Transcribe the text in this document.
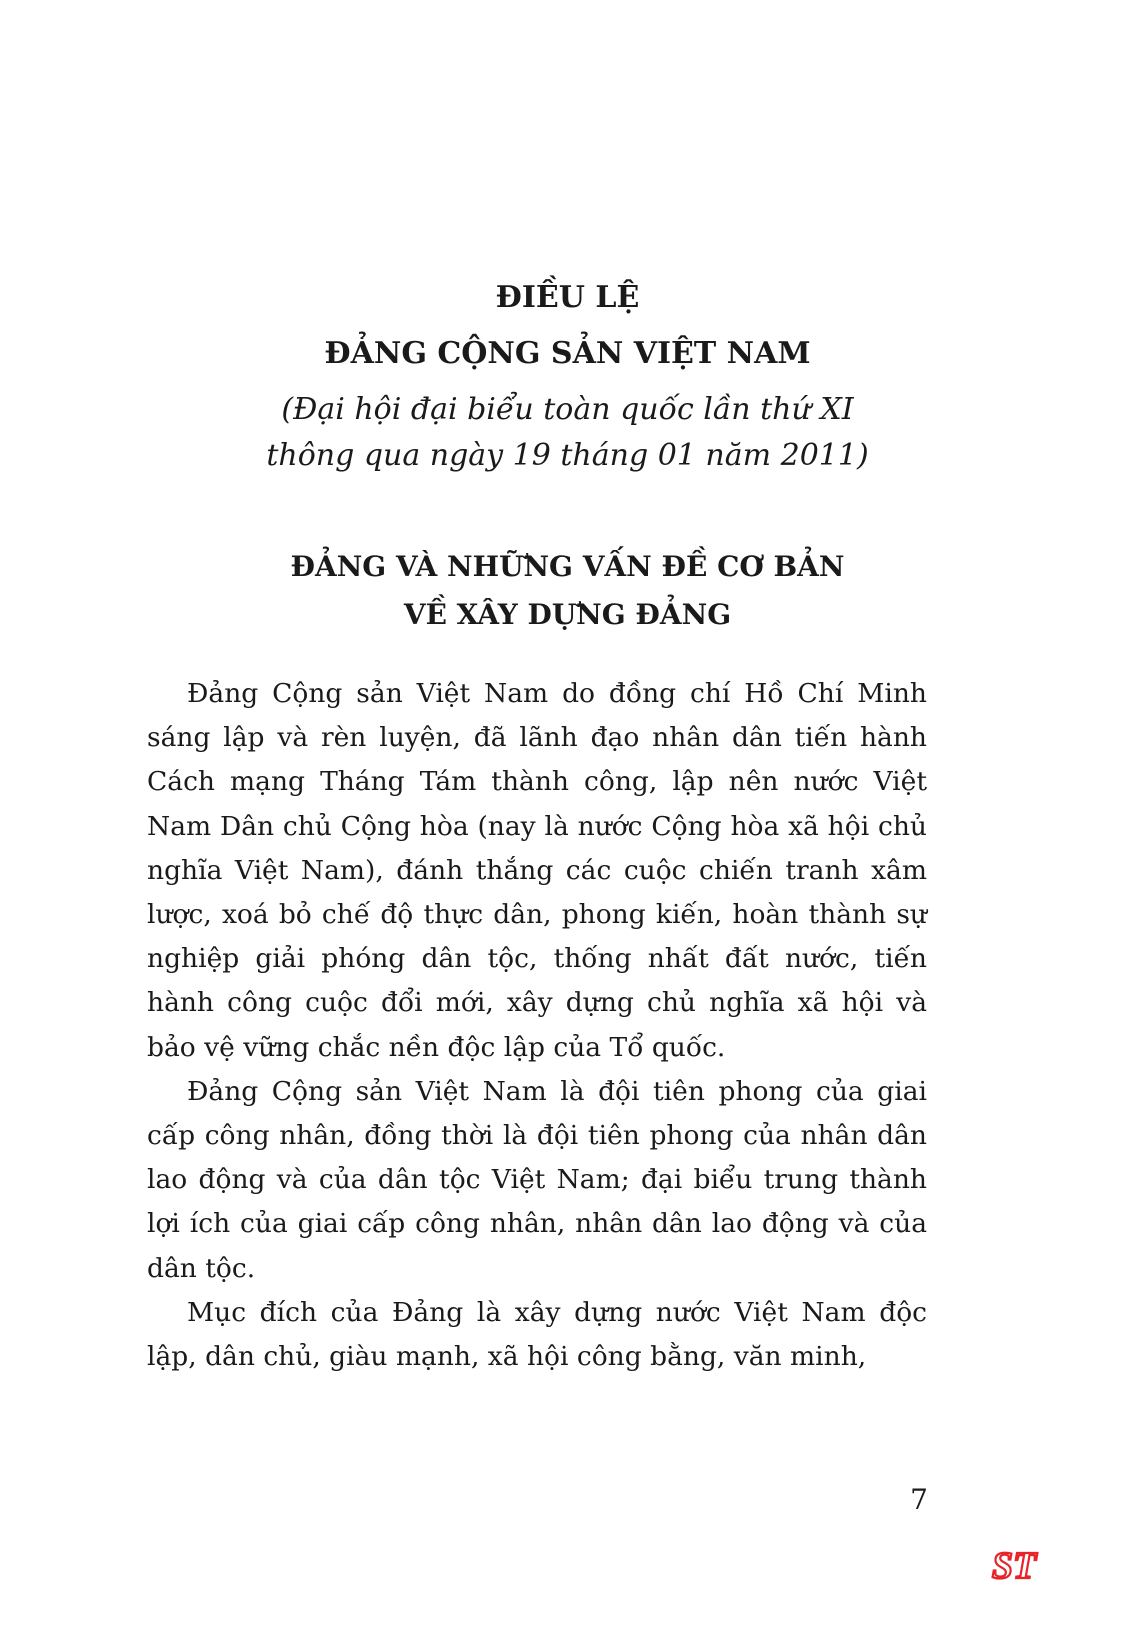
ĐIỀU LỆ
ĐẢNG CỘNG SẢN VIỆT NAM
(Đại hội đại biểu toàn quốc lần thứ XI
thông qua ngày 19 tháng 01 năm 2011)
ĐẢNG VÀ NHỮNG VẤN ĐỀ CƠ BẢN
VỀ XÂY DỰNG ĐẢNG

Đảng Cộng sản Việt Nam do đồng chí Hồ Chí Minh sáng lập và rèn luyện, đã lãnh đạo nhân dân tiến hành Cách mạng Tháng Tám thành công, lập nên nước Việt Nam Dân chủ Cộng hòa (nay là nước Cộng hòa xã hội chủ nghĩa Việt Nam), đánh thắng các cuộc chiến tranh xâm lược, xoá bỏ chế độ thực dân, phong kiến, hoàn thành sự nghiệp giải phóng dân tộc, thống nhất đất nước, tiến hành công cuộc đổi mới, xây dựng chủ nghĩa xã hội và bảo vệ vững chắc nền độc lập của Tổ quốc.

Đảng Cộng sản Việt Nam là đội tiên phong của giai cấp công nhân, đồng thời là đội tiên phong của nhân dân lao động và của dân tộc Việt Nam; đại biểu trung thành lợi ích của giai cấp công nhân, nhân dân lao động và của dân tộc.

Mục đích của Đảng là xây dựng nước Việt Nam độc lập, dân chủ, giàu mạnh, xã hội công bằng, văn minh,

7
ST
